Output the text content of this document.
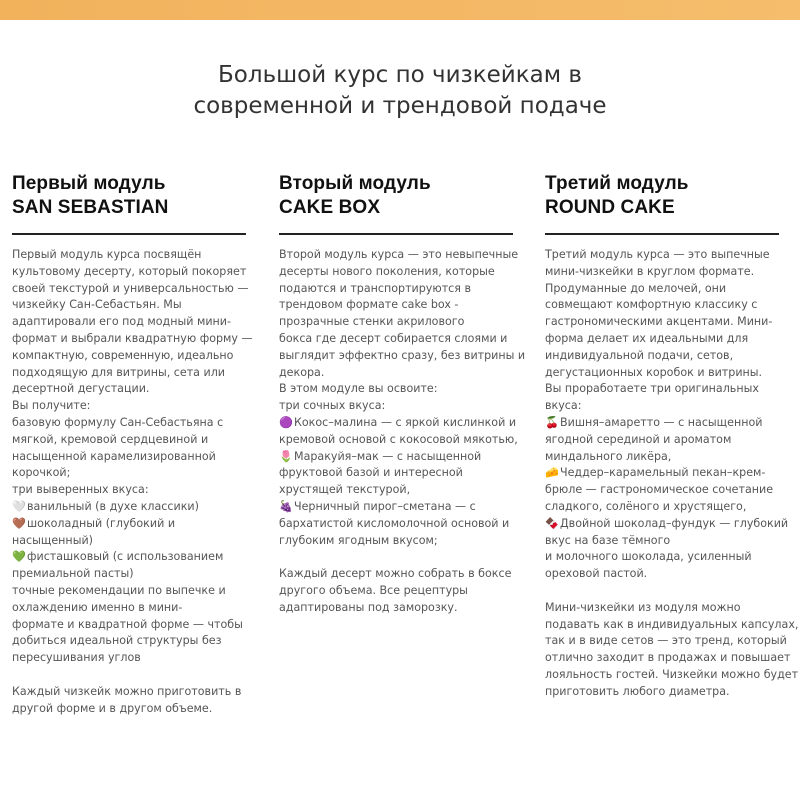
Большой курс по чизкейкам в
современной и трендовой подаче
Первый модуль
SAN SEBASTIAN
Первый модуль курса посвящён
культовому десерту, который покоряет
своей текстурой и универсальностью —
чизкейку Сан-Себастьян. Мы
адаптировали его под модный мини-
формат и выбрали квадратную форму —
компактную, современную, идеально
подходящую для витрины, сета или
десертной дегустации.
Вы получите:
базовую формулу Сан-Себастьяна с
мягкой, кремовой сердцевиной и
насыщенной карамелизированной
корочкой;
три выверенных вкуса:
🤍ванильный (в духе классики)
🤎шоколадный (глубокий и
насыщенный)
💚фисташковый (с использованием
премиальной пасты)
точные рекомендации по выпечке и
охлаждению именно в мини-
формате и квадратной форме — чтобы
добиться идеальной структуры без
пересушивания углов
Каждый чизкейк можно приготовить в
другой форме и в другом объеме.
Вторый модуль
CAKE BOX
Второй модуль курса — это невыпечные
десерты нового поколения, которые
подаются и транспортируются в
трендовом формате cake box -
прозрачные стенки акрилового
бокса где десерт собирается слоями и
выглядит эффектно сразу, без витрины и
декора.
В этом модуле вы освоите:
три сочных вкуса:
🟣Кокос–малина — с яркой кислинкой и
кремовой основой с кокосовой мякотью,
🌷Маракуйя–мак — с насыщенной
фруктовой базой и интересной
хрустящей текстурой,
🍇Черничный пирог–сметана — с
бархатистой кисломолочной основой и
глубоким ягодным вкусом;
Каждый десерт можно собрать в боксе
другого объема. Все рецептуры
адаптированы под заморозку.
Третий модуль
ROUND CAKE
Третий модуль курса — это выпечные
мини-чизкейки в круглом формате.
Продуманные до мелочей, они
совмещают комфортную классику с
гастрономическими акцентами. Мини-
форма делает их идеальными для
индивидуальной подачи, сетов,
дегустационных коробок и витрины.
Вы проработаете три оригинальных
вкуса:
🍒Вишня–амаретто — с насыщенной
ягодной серединой и ароматом
миндального ликёра,
🧀Чеддер–карамельный пекан–крем-
брюле — гастрономическое сочетание
сладкого, солёного и хрустящего,
🍫Двойной шоколад–фундук — глубокий
вкус на базе тёмного
и молочного шоколада, усиленный
ореховой пастой.
Мини-чизкейки из модуля можно
подавать как в индивидуальных капсулах,
так и в виде сетов — это тренд, который
отлично заходит в продажах и повышает
лояльность гостей. Чизкейки можно будет
приготовить любого диаметра.
